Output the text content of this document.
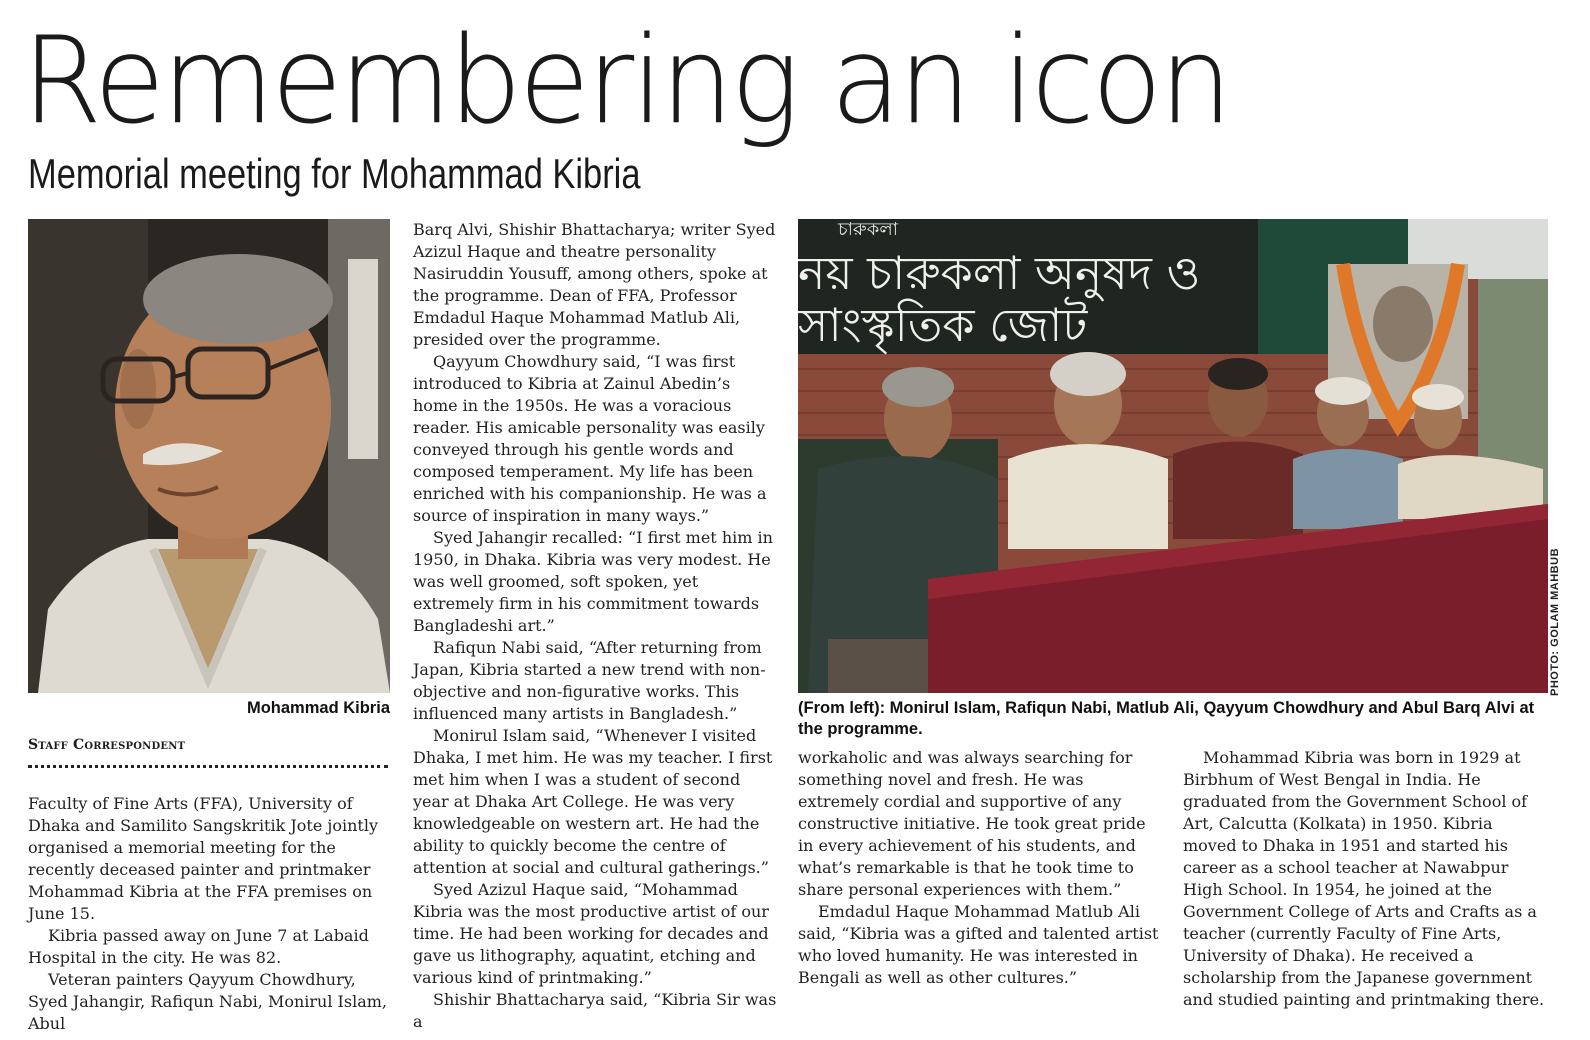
Remembering an icon
Memorial meeting for Mohammad Kibria
Mohammad Kibria
Staff Correspondent

Faculty of Fine Arts (FFA), University of Dhaka and Samilito Sangskritik Jote jointly organised a memorial meeting for the recently deceased painter and printmaker Mohammad Kibria at the FFA premises on June 15.

Kibria passed away on June 7 at Labaid Hospital in the city. He was 82.

Veteran painters Qayyum Chowdhury, Syed Jahangir, Rafiqun Nabi, Monirul Islam, Abul

Barq Alvi, Shishir Bhattacharya; writer Syed Azizul Haque and theatre personality Nasiruddin Yousuff, among others, spoke at the programme. Dean of FFA, Professor Emdadul Haque Mohammad Matlub Ali, presided over the programme.

Qayyum Chowdhury said, “I was first introduced to Kibria at Zainul Abedin’s home in the 1950s. He was a voracious reader. His amicable personality was easily conveyed through his gentle words and composed temperament. My life has been enriched with his companionship. He was a source of inspiration in many ways.”

Syed Jahangir recalled: “I first met him in 1950, in Dhaka. Kibria was very modest. He was well groomed, soft spoken, yet extremely firm in his commitment towards Bangladeshi art.”

Rafiqun Nabi said, “After returning from Japan, Kibria started a new trend with non-objective and non-figurative works. This influenced many artists in Bangladesh.”

Monirul Islam said, “Whenever I visited Dhaka, I met him. He was my teacher. I first met him when I was a student of second year at Dhaka Art College. He was very knowledgeable on western art. He had the ability to quickly become the centre of attention at social and cultural gatherings.”

Syed Azizul Haque said, “Mohammad Kibria was the most productive artist of our time. He had been working for decades and gave us lithography, aquatint, etching and various kind of printmaking.”

Shishir Bhattacharya said, “Kibria Sir was a

চারুকলা
নয় চারুকলা অনুষদ ও
সাংস্কৃতিক জোট
PHOTO: GOLAM MAHBUB
(From left): Monirul Islam, Rafiqun Nabi, Matlub Ali, Qayyum Chowdhury and Abul Barq Alvi at the programme.

workaholic and was always searching for something novel and fresh. He was extremely cordial and supportive of any constructive initiative. He took great pride in every achievement of his students, and what’s remarkable is that he took time to share personal experiences with them.”

Emdadul Haque Mohammad Matlub Ali said, “Kibria was a gifted and talented artist who loved humanity. He was interested in Bengali as well as other cultures.”

Mohammad Kibria was born in 1929 at Birbhum of West Bengal in India. He graduated from the Government School of Art, Calcutta (Kolkata) in 1950. Kibria moved to Dhaka in 1951 and started his career as a school teacher at Nawabpur High School. In 1954, he joined at the Government College of Arts and Crafts as a teacher (currently Faculty of Fine Arts, University of Dhaka). He received a scholarship from the Japanese government and studied painting and printmaking there.
